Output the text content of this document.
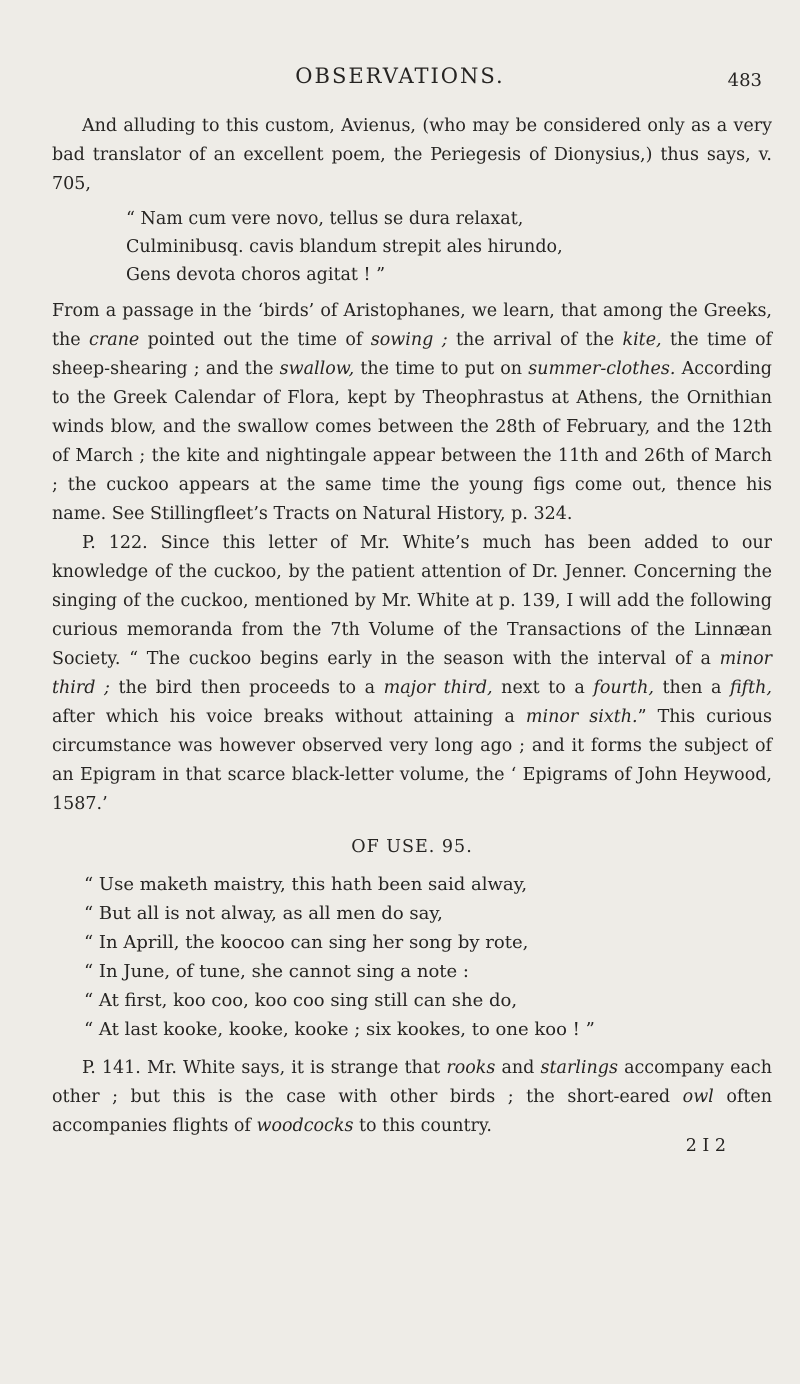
OBSERVATIONS.	483

And alluding to this custom, Avienus, (who may be considered only as a very bad translator of an excellent poem, the Periegesis of Dionysius,) thus says, v. 705,

“ Nam cum vere novo, tellus se dura relaxat,
Culminibusq. cavis blandum strepit ales hirundo,
Gens devota choros agitat ! ”

From a passage in the ‘birds’ of Aristophanes, we learn, that among the Greeks, the crane pointed out the time of sowing ; the arrival of the kite, the time of sheep-shearing ; and the swallow, the time to put on summer-clothes. According to the Greek Calendar of Flora, kept by Theophrastus at Athens, the Ornithian winds blow, and the swallow comes between the 28th of February, and the 12th of March ; the kite and nightingale appear between the 11th and 26th of March ; the cuckoo appears at the same time the young figs come out, thence his name. See Stillingfleet’s Tracts on Natural History, p. 324.

P. 122. Since this letter of Mr. White’s much has been added to our knowledge of the cuckoo, by the patient attention of Dr. Jenner. Concerning the singing of the cuckoo, mentioned by Mr. White at p. 139, I will add the following curious memoranda from the 7th Volume of the Transactions of the Linnæan Society. “ The cuckoo begins early in the season with the interval of a minor third ; the bird then proceeds to a major third, next to a fourth, then a fifth, after which his voice breaks without attaining a minor sixth.” This curious circumstance was however observed very long ago ; and it forms the subject of an Epigram in that scarce black-letter volume, the ‘ Epigrams of John Heywood, 1587.’

OF USE. 95.
“ Use maketh maistry, this hath been said alway,
“ But all is not alway, as all men do say,
“ In Aprill, the koocoo can sing her song by rote,
“ In June, of tune, she cannot sing a note :
“ At first, koo coo, koo coo sing still can she do,
“ At last kooke, kooke, kooke ; six kookes, to one koo ! ”

P. 141. Mr. White says, it is strange that rooks and starlings accompany each other ; but this is the case with other birds ; the short-eared owl often accompanies flights of woodcocks to this country.

2 I 2
